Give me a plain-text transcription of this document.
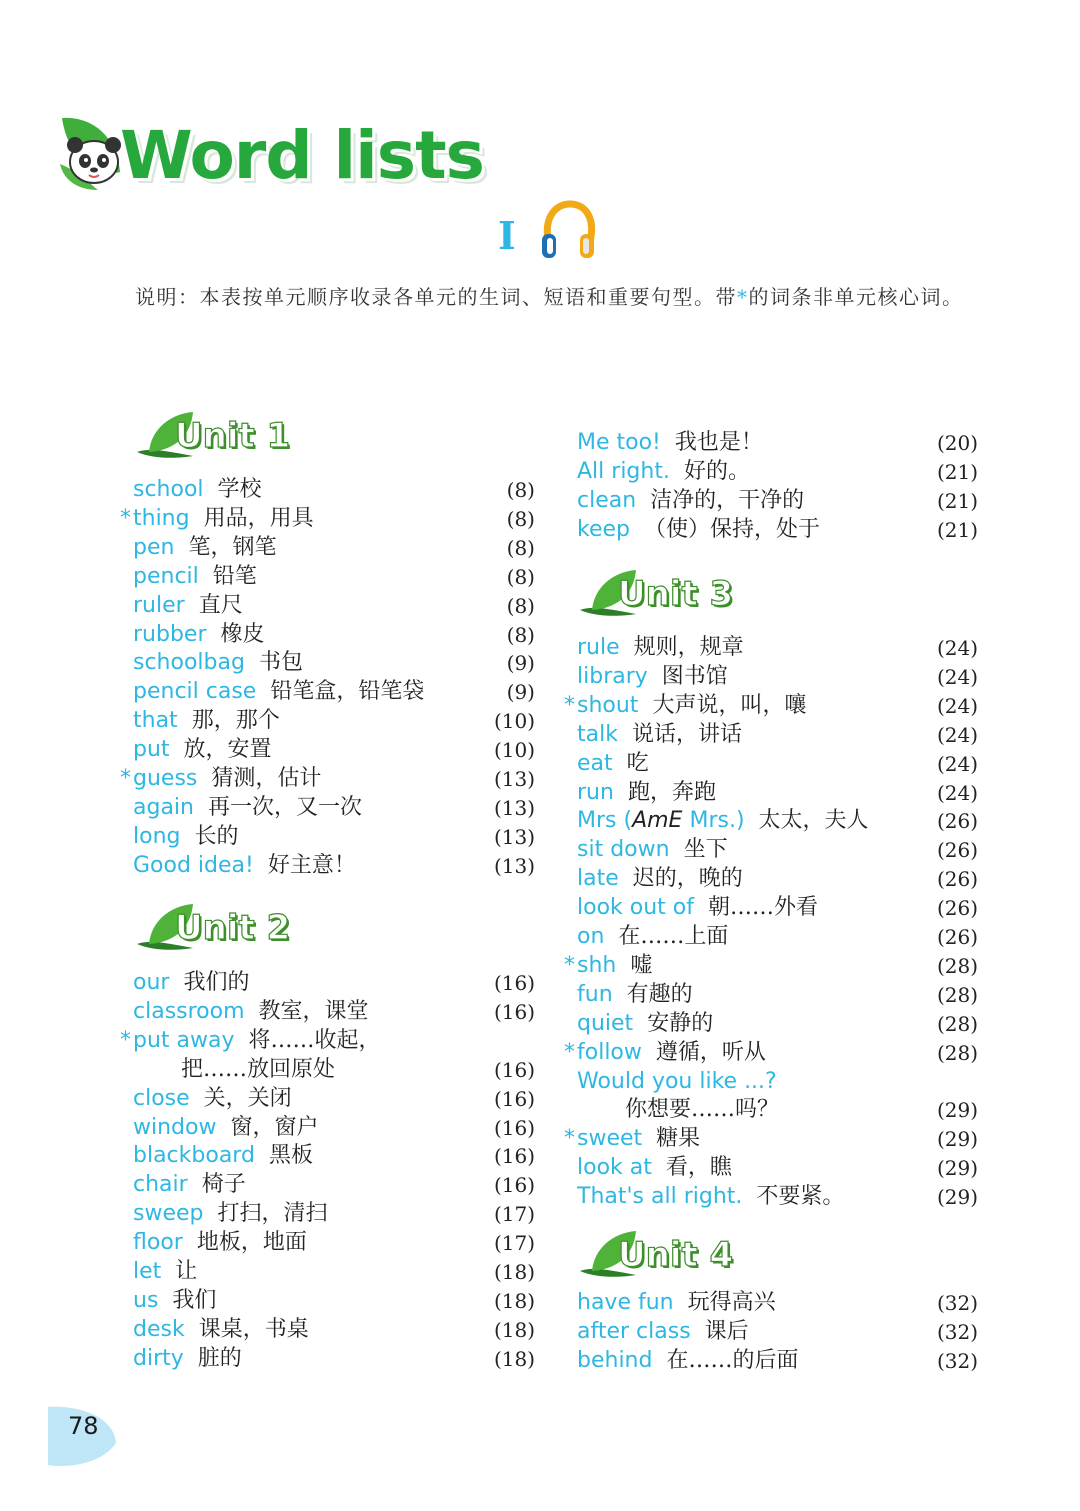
Word lists
I
说明：本表按单元顺序收录各单元的生词、短语和重要句型。带*的词条非单元核心词。
Unit 1
Unit 2
Unit 3
Unit 4
school 学校	(8)
* thing 用品，用具	(8)
pen 笔，钢笔	(8)
pencil 铅笔	(8)
ruler 直尺	(8)
rubber 橡皮	(8)
schoolbag 书包	(9)
pencil case 铅笔盒，铅笔袋	(9)
that 那，那个	(10)
put 放，安置	(10)
* guess 猜测，估计	(13)
again 再一次，又一次	(13)
long 长的	(13)
Good idea! 好主意！	(13)
our 我们的	(16)
classroom 教室，课堂	(16)
* put away 将……收起，
把……放回原处	(16)
close 关，关闭	(16)
window 窗，窗户	(16)
blackboard 黑板	(16)
chair 椅子	(16)
sweep 打扫，清扫	(17)
floor 地板，地面	(17)
let 让	(18)
us 我们	(18)
desk 课桌，书桌	(18)
dirty 脏的	(18)
Me too! 我也是！	(20)
All right. 好的。	(21)
clean 洁净的，干净的	(21)
keep （使）保持，处于	(21)
rule 规则，规章	(24)
library 图书馆	(24)
* shout 大声说，叫，嚷	(24)
talk 说话，讲话	(24)
eat 吃	(24)
run 跑，奔跑	(24)
Mrs (AmE Mrs.) 太太，夫人	(26)
sit down 坐下	(26)
late 迟的，晚的	(26)
look out of 朝……外看	(26)
on 在……上面	(26)
* shh 嘘	(28)
fun 有趣的	(28)
quiet 安静的	(28)
* follow 遵循，听从	(28)
Would you like ...?
你想要……吗？	(29)
* sweet 糖果	(29)
look at 看，瞧	(29)
That's all right. 不要紧。	(29)
have fun 玩得高兴	(32)
after class 课后	(32)
behind 在……的后面	(32)
78
